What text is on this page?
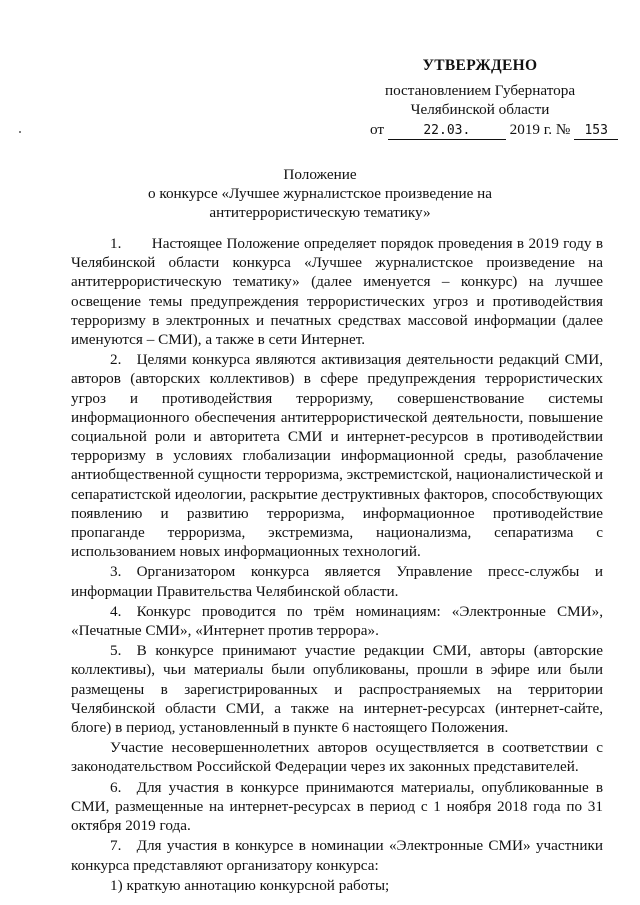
УТВЕРЖДЕНО
постановлением Губернатора
Челябинской области
от	22.03.	2019 г. № 153
Положение
о конкурсе «Лучшее журналистское произведение на
антитеррористическую тематику»

1.  Настоящее Положение определяет порядок проведения в 2019 году в Челябинской области конкурса «Лучшее журналистское произведение на антитеррористическую тематику» (далее именуется – конкурс) на лучшее освещение темы предупреждения террористических угроз и противодействия терроризму в электронных и печатных средствах массовой информации (далее именуются – СМИ), а также в сети Интернет.

2. Целями конкурса являются активизация деятельности редакций СМИ, авторов (авторских коллективов) в сфере предупреждения террористических угроз и противодействия терроризму, совершенствование системы информационного обеспечения антитеррористической деятельности, повышение социальной роли и авторитета СМИ и интернет-ресурсов в противодействии терроризму в условиях глобализации информационной среды, разоблачение антиобщественной сущности терроризма, экстремистской, националистической и сепаратистской идеологии, раскрытие деструктивных факторов, способствующих появлению и развитию терроризма, информационное противодействие пропаганде терроризма, экстремизма, национализма, сепаратизма с использованием новых информационных технологий.

3. Организатором конкурса является Управление пресс-службы и информации Правительства Челябинской области.

4. Конкурс проводится по трём номинациям: «Электронные СМИ», «Печатные СМИ», «Интернет против террора».

5. В конкурсе принимают участие редакции СМИ, авторы (авторские коллективы), чьи материалы были опубликованы, прошли в эфире или были размещены в зарегистрированных и распространяемых на территории Челябинской области СМИ, а также на интернет-ресурсах (интернет-сайте, блоге) в период, установленный в пункте 6 настоящего Положения.

Участие несовершеннолетних авторов осуществляется в соответствии с законодательством Российской Федерации через их законных представителей.

6. Для участия в конкурсе принимаются материалы, опубликованные в СМИ, размещенные на интернет-ресурсах в период с 1 ноября 2018 года по 31 октября 2019 года.

7. Для участия в конкурсе в номинации «Электронные СМИ» участники конкурса представляют организатору конкурса:

1) краткую аннотацию конкурсной работы;
